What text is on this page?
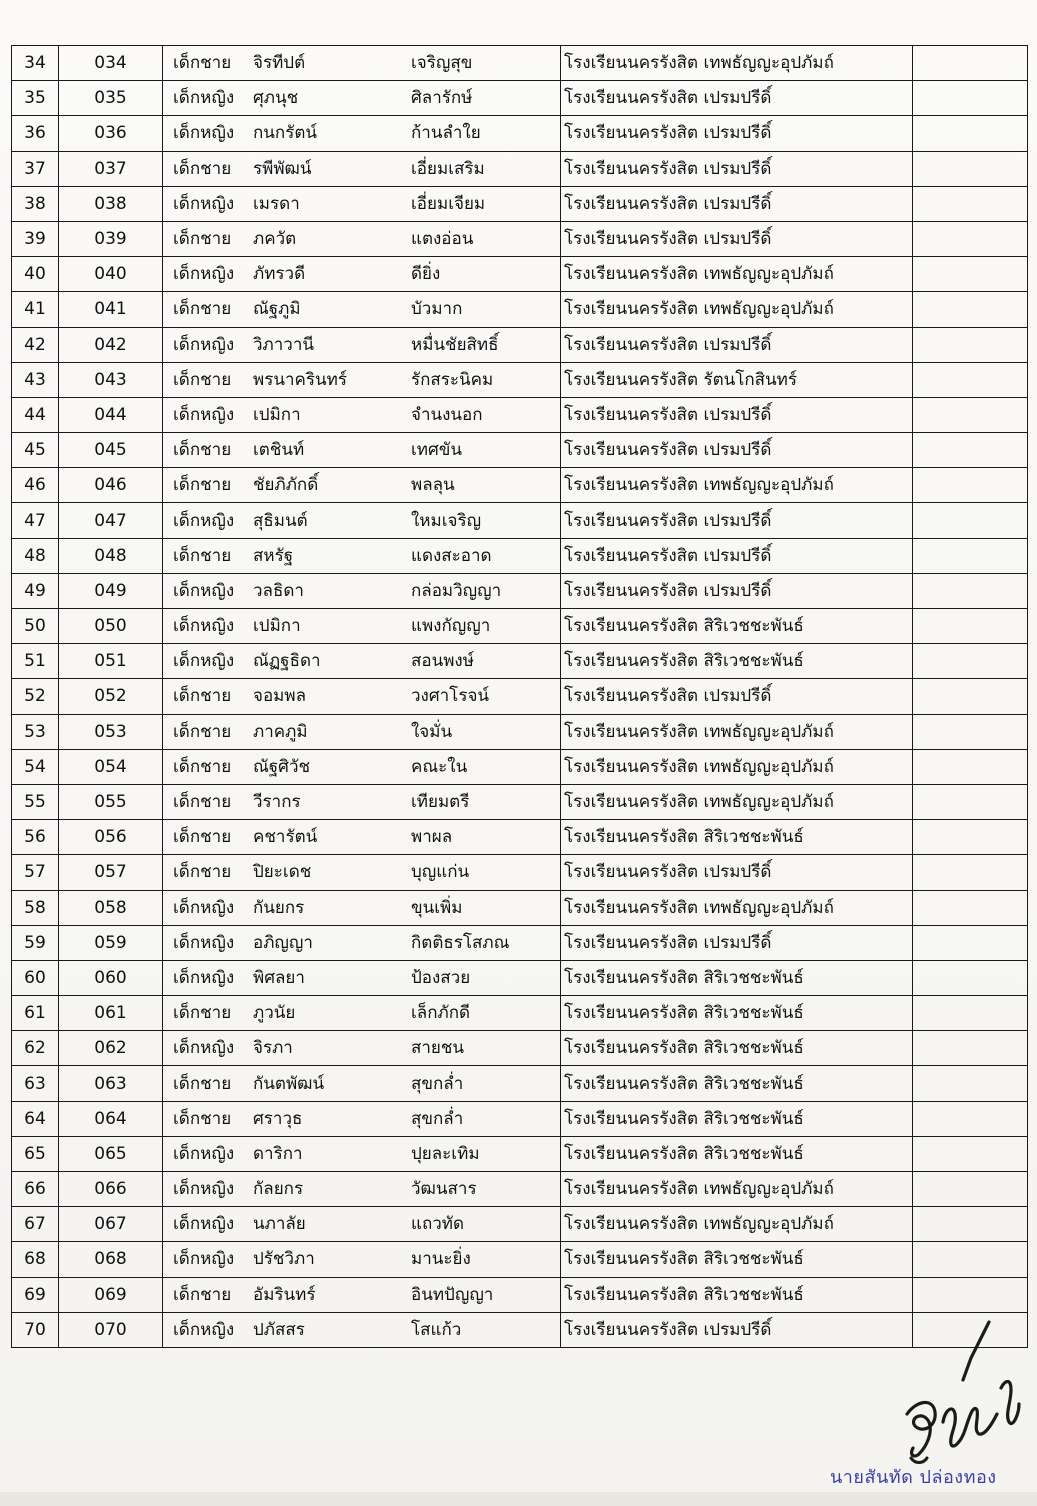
34	034	เด็กชาย จิรทีปต์ เจริญสุข	โรงเรียนนครรังสิต เทพธัญญะอุปภัมถ์	
35	035	เด็กหญิง ศุภนุช ศิลารักษ์	โรงเรียนนครรังสิต เปรมปรีดิ์	
36	036	เด็กหญิง กนกรัตน์ ก้านลำใย	โรงเรียนนครรังสิต เปรมปรีดิ์	
37	037	เด็กชาย รพีพัฒน์ เอี่ยมเสริม	โรงเรียนนครรังสิต เปรมปรีดิ์	
38	038	เด็กหญิง เมรดา เอี่ยมเจียม	โรงเรียนนครรังสิต เปรมปรีดิ์	
39	039	เด็กชาย ภควัต แตงอ่อน	โรงเรียนนครรังสิต เปรมปรีดิ์	
40	040	เด็กหญิง ภัทรวดี ดียิ่ง	โรงเรียนนครรังสิต เทพธัญญะอุปภัมถ์	
41	041	เด็กชาย ณัฐภูมิ บัวมาก	โรงเรียนนครรังสิต เทพธัญญะอุปภัมถ์	
42	042	เด็กหญิง วิภาวานี หมื่นชัยสิทธิ์	โรงเรียนนครรังสิต เปรมปรีดิ์	
43	043	เด็กชาย พรนาครินทร์ รักสระนิคม	โรงเรียนนครรังสิต รัตนโกสินทร์	
44	044	เด็กหญิง เปมิกา จำนงนอก	โรงเรียนนครรังสิต เปรมปรีดิ์	
45	045	เด็กชาย เตชินท์ เทศขัน	โรงเรียนนครรังสิต เปรมปรีดิ์	
46	046	เด็กชาย ชัยภิภักดิ์ พลลุน	โรงเรียนนครรังสิต เทพธัญญะอุปภัมถ์	
47	047	เด็กหญิง สุธิมนต์ ใหมเจริญ	โรงเรียนนครรังสิต เปรมปรีดิ์	
48	048	เด็กชาย สหรัฐ แดงสะอาด	โรงเรียนนครรังสิต เปรมปรีดิ์	
49	049	เด็กหญิง วลธิดา กล่อมวิญญา	โรงเรียนนครรังสิต เปรมปรีดิ์	
50	050	เด็กหญิง เปมิกา แพงกัญญา	โรงเรียนนครรังสิต สิริเวชชะพันธ์	
51	051	เด็กหญิง ณัฏฐธิดา สอนพงษ์	โรงเรียนนครรังสิต สิริเวชชะพันธ์	
52	052	เด็กชาย จอมพล วงศาโรจน์	โรงเรียนนครรังสิต เปรมปรีดิ์	
53	053	เด็กชาย ภาคภูมิ ใจมั่น	โรงเรียนนครรังสิต เทพธัญญะอุปภัมถ์	
54	054	เด็กชาย ณัฐศิวัช คณะใน	โรงเรียนนครรังสิต เทพธัญญะอุปภัมถ์	
55	055	เด็กชาย วีรากร เทียมตรี	โรงเรียนนครรังสิต เทพธัญญะอุปภัมถ์	
56	056	เด็กชาย คชารัตน์ พาผล	โรงเรียนนครรังสิต สิริเวชชะพันธ์	
57	057	เด็กชาย ปิยะเดช บุญแก่น	โรงเรียนนครรังสิต เปรมปรีดิ์	
58	058	เด็กหญิง กันยกร ขุนเพิ่ม	โรงเรียนนครรังสิต เทพธัญญะอุปภัมถ์	
59	059	เด็กหญิง อภิญญา กิตติธรโสภณ	โรงเรียนนครรังสิต เปรมปรีดิ์	
60	060	เด็กหญิง พิศลยา ป้องสวย	โรงเรียนนครรังสิต สิริเวชชะพันธ์	
61	061	เด็กชาย ภูวนัย เล็กภักดี	โรงเรียนนครรังสิต สิริเวชชะพันธ์	
62	062	เด็กหญิง จิรภา สายชน	โรงเรียนนครรังสิต สิริเวชชะพันธ์	
63	063	เด็กชาย กันตพัฒน์ สุขกล่ำ	โรงเรียนนครรังสิต สิริเวชชะพันธ์	
64	064	เด็กชาย ศราวุธ สุขกล่ำ	โรงเรียนนครรังสิต สิริเวชชะพันธ์	
65	065	เด็กหญิง ดาริกา ปุยละเทิม	โรงเรียนนครรังสิต สิริเวชชะพันธ์	
66	066	เด็กหญิง กัลยกร วัฒนสาร	โรงเรียนนครรังสิต เทพธัญญะอุปภัมถ์	
67	067	เด็กหญิง นภาลัย แถวทัด	โรงเรียนนครรังสิต เทพธัญญะอุปภัมถ์	
68	068	เด็กหญิง ปรัชวิภา มานะยิ่ง	โรงเรียนนครรังสิต สิริเวชชะพันธ์	
69	069	เด็กชาย อัมรินทร์ อินทปัญญา	โรงเรียนนครรังสิต สิริเวชชะพันธ์	
70	070	เด็กหญิง ปภัสสร โสแก้ว	โรงเรียนนครรังสิต เปรมปรีดิ์	
นายสันทัด ปล่องทอง
